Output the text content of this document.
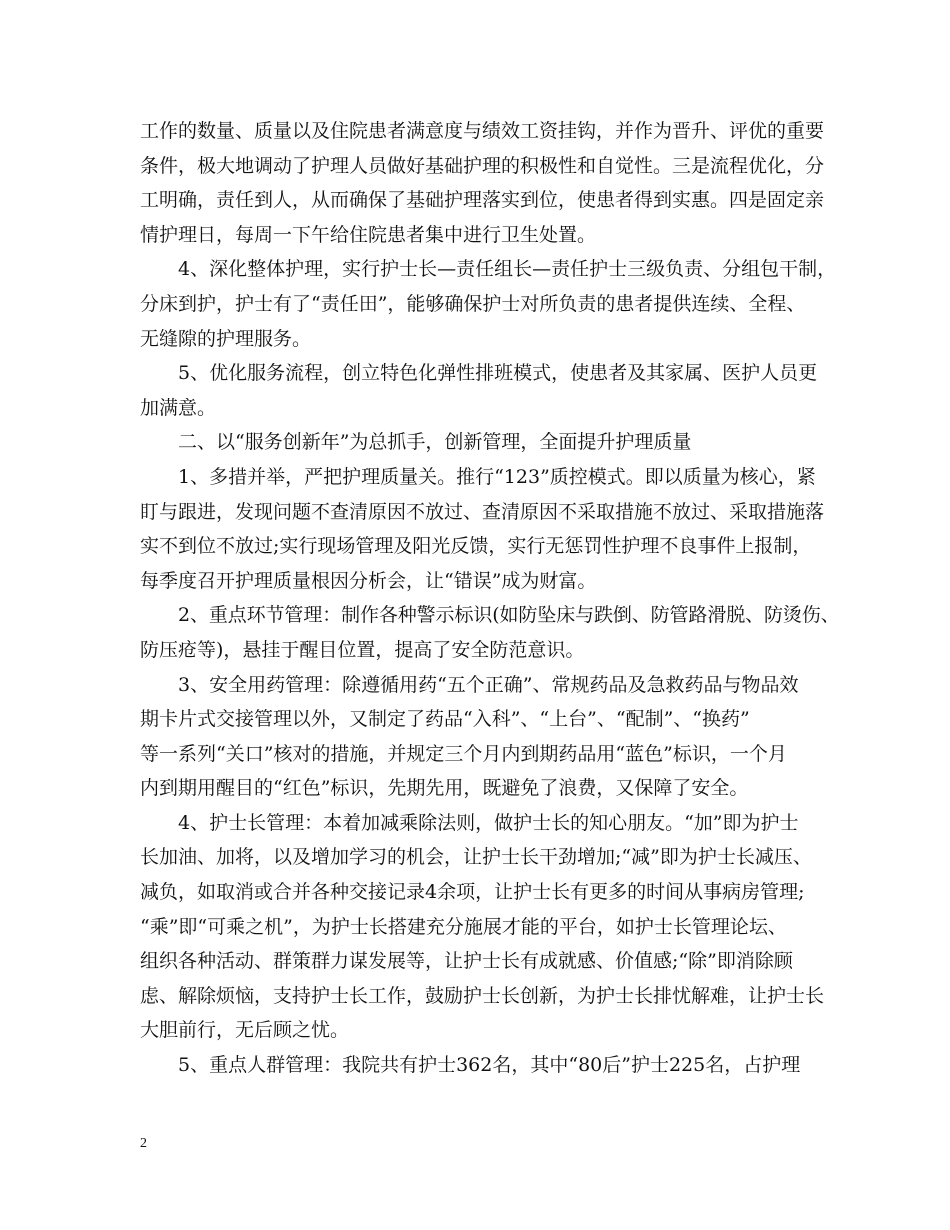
工作的数量、质量以及住院患者满意度与绩效工资挂钩，并作为晋升、评优的重要
条件，极大地调动了护理人员做好基础护理的积极性和自觉性。三是流程优化，分
工明确，责任到人，从而确保了基础护理落实到位，使患者得到实惠。四是固定亲
情护理日，每周一下午给住院患者集中进行卫生处置。
4、深化整体护理，实行护士长—责任组长—责任护士三级负责、分组包干制，
分床到护，护士有了“责任田”，能够确保护士对所负责的患者提供连续、全程、
无缝隙的护理服务。
5、优化服务流程，创立特色化弹性排班模式，使患者及其家属、医护人员更
加满意。
二、以“服务创新年”为总抓手，创新管理，全面提升护理质量
1、多措并举，严把护理质量关。推行“123”质控模式。即以质量为核心，紧
盯与跟进，发现问题不查清原因不放过、查清原因不采取措施不放过、采取措施落
实不到位不放过;实行现场管理及阳光反馈，实行无惩罚性护理不良事件上报制，
每季度召开护理质量根因分析会，让“错误”成为财富。
2、重点环节管理：制作各种警示标识(如防坠床与跌倒、防管路滑脱、防烫伤、
防压疮等)，悬挂于醒目位置，提高了安全防范意识。
3、安全用药管理：除遵循用药“五个正确”、常规药品及急救药品与物品效
期卡片式交接管理以外，又制定了药品“入科”、“上台”、“配制”、“换药”
等一系列“关口”核对的措施，并规定三个月内到期药品用“蓝色”标识，一个月
内到期用醒目的“红色”标识，先期先用，既避免了浪费，又保障了安全。
4、护士长管理：本着加减乘除法则，做护士长的知心朋友。“加”即为护士
长加油、加将，以及增加学习的机会，让护士长干劲增加;“减”即为护士长减压、
减负，如取消或合并各种交接记录4余项，让护士长有更多的时间从事病房管理;
“乘”即“可乘之机”，为护士长搭建充分施展才能的平台，如护士长管理论坛、
组织各种活动、群策群力谋发展等，让护士长有成就感、价值感;“除”即消除顾
虑、解除烦恼，支持护士长工作，鼓励护士长创新，为护士长排忧解难，让护士长
大胆前行，无后顾之忧。
5、重点人群管理：我院共有护士362名，其中“80后”护士225名，占护理
2
